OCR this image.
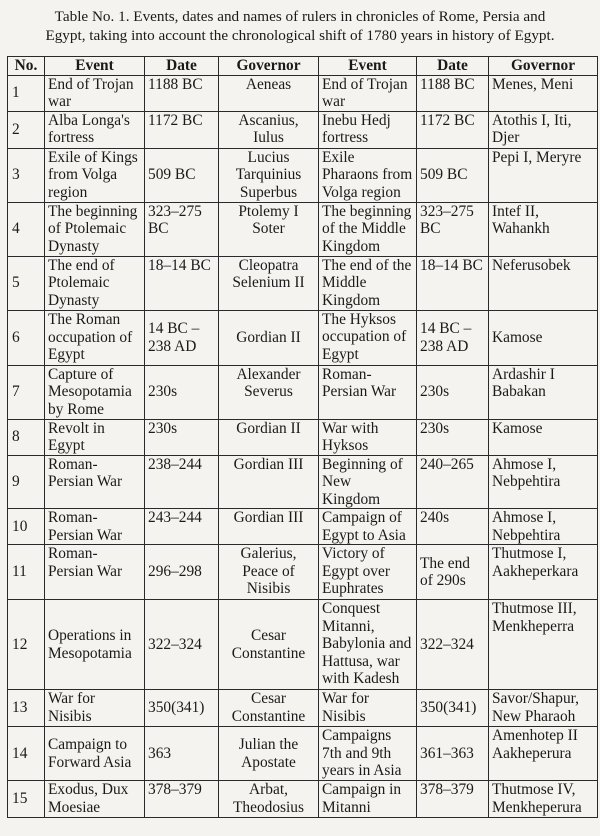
Table No. 1. Events, dates and names of rulers in chronicles of Rome, Persia and
Egypt, taking into account the chronological shift of 1780 years in history of Egypt.
No.	Event	Date	Governor	Event	Date	Governor
1	End of Trojan war	1188 BC	Aeneas	End of Trojan war	1188 BC	Menes, Meni
2	Alba Longa's fortress	1172 BC	Ascanius, Iulus	Inebu Hedj fortress	1172 BC	Atothis I, Iti, Djer
3	Exile of Kings from Volga region	509 BC	Lucius Tarquinius Superbus	Exile Pharaons from Volga region	509 BC	Pepi I, Meryre
4	The beginning of Ptolemaic Dynasty	323–275 BC	Ptolemy I Soter	The beginning of the Middle Kingdom	323–275 BC	Intef II, Wahankh
5	The end of Ptolemaic Dynasty	18–14 BC	Cleopatra Selenium II	The end of the Middle Kingdom	18–14 BC	Neferusobek
6	The Roman occupation of Egypt	14 BC – 238 AD	Gordian II	The Hyksos occupation of Egypt	14 BC – 238 AD	Kamose
7	Capture of Mesopotamia by Rome	230s	Alexander Severus	Roman-Persian War	230s	Ardashir I Babakan
8	Revolt in Egypt	230s	Gordian II	War with Hyksos	230s	Kamose
9	Roman-Persian War	238–244	Gordian III	Beginning of New Kingdom	240–265	Ahmose I, Nebpehtira
10	Roman-Persian War	243–244	Gordian III	Campaign of Egypt to Asia	240s	Ahmose I, Nebpehtira
11	Roman-Persian War	296–298	Galerius, Peace of Nisibis	Victory of Egypt over Euphrates	The end of 290s	Thutmose I, Aakheperkara
12	Operations in Mesopotamia	322–324	Cesar Constantine	Conquest Mitanni, Babylonia and Hattusa, war with Kadesh	322–324	Thutmose III, Menkheperra
13	War for Nisibis	350(341)	Cesar Constantine	War for Nisibis	350(341)	Savor/Shapur, New Pharaoh
14	Campaign to Forward Asia	363	Julian the Apostate	Campaigns 7th and 9th years in Asia	361–363	Amenhotep II Aakheperura
15	Exodus, Dux Moesiae	378–379	Arbat, Theodosius	Campaign in Mitanni	378–379	Thutmose IV, Menkheperura
